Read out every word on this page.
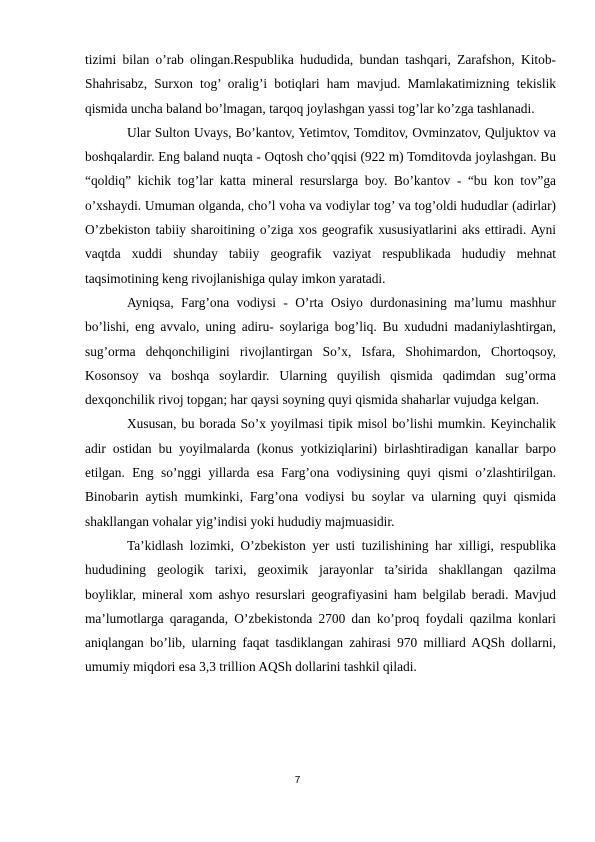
tizimi bilan o’rab olingan.Respublika hududida, bundan tashqari, Zarafshon, Kitob-Shahrisabz, Surxon tog’ oralig’i botiqlari ham mavjud. Mamlakatimizning tekislik qismida uncha baland bo’lmagan, tarqoq joylashgan yassi tog’lar ko’zga tashlanadi.

Ular Sulton Uvays, Bo’kantov, Yetimtov, Tomditov, Ovminzatov, Quljuktov va boshqalardir. Eng baland nuqta - Oqtosh cho’qqisi (922 m) Tomditovda joylashgan. Bu “qoldiq” kichik tog’lar katta mineral resurslarga boy. Bo’kantov - “bu kon tov”ga o’xshaydi. Umuman olganda, cho’l voha va vodiylar tog’ va tog’oldi hududlar (adirlar) O’zbekiston tabiiy sharoitining o’ziga xos geografik xususiyatlarini aks ettiradi. Ayni vaqtda xuddi shunday tabiiy geografik vaziyat respublikada hududiy mehnat taqsimotining keng rivojlanishiga qulay imkon yaratadi.

Ayniqsa, Farg’ona vodiysi - O’rta Osiyo durdonasining ma’lumu mashhur bo’lishi, eng avvalo, uning adiru- soylariga bog’liq. Bu xududni madaniylashtirgan, sug’orma dehqonchiligini rivojlantirgan So’x, Isfara, Shohimardon, Chortoqsoy, Kosonsoy va boshqa soylardir. Ularning quyilish qismida qadimdan sug’orma dexqonchilik rivoj topgan; har qaysi soyning quyi qismida shaharlar vujudga kelgan.

Xususan, bu borada So’x yoyilmasi tipik misol bo’lishi mumkin. Keyinchalik adir ostidan bu yoyilmalarda (konus yotkiziqlarini) birlashtiradigan kanallar barpo etilgan. Eng so’nggi yillarda esa Farg’ona vodiysining quyi qismi o’zlashtirilgan. Binobarin aytish mumkinki, Farg’ona vodiysi bu soylar va ularning quyi qismida shakllangan vohalar yig’indisi yoki hududiy majmuasidir.

Ta’kidlash lozimki, O’zbekiston yer usti tuzilishining har xilligi, respublika hududining geologik tarixi, geoximik jarayonlar ta’sirida shakllangan qazilma boyliklar, mineral xom ashyo resurslari geografiyasini ham belgilab beradi. Mavjud ma’lumotlarga qaraganda, O’zbekistonda 2700 dan ko’proq foydali qazilma konlari aniqlangan bo’lib, ularning faqat tasdiklangan zahirasi 970 milliard AQSh dollarni, umumiy miqdori esa 3,3 trillion AQSh dollarini tashkil qiladi.

7
